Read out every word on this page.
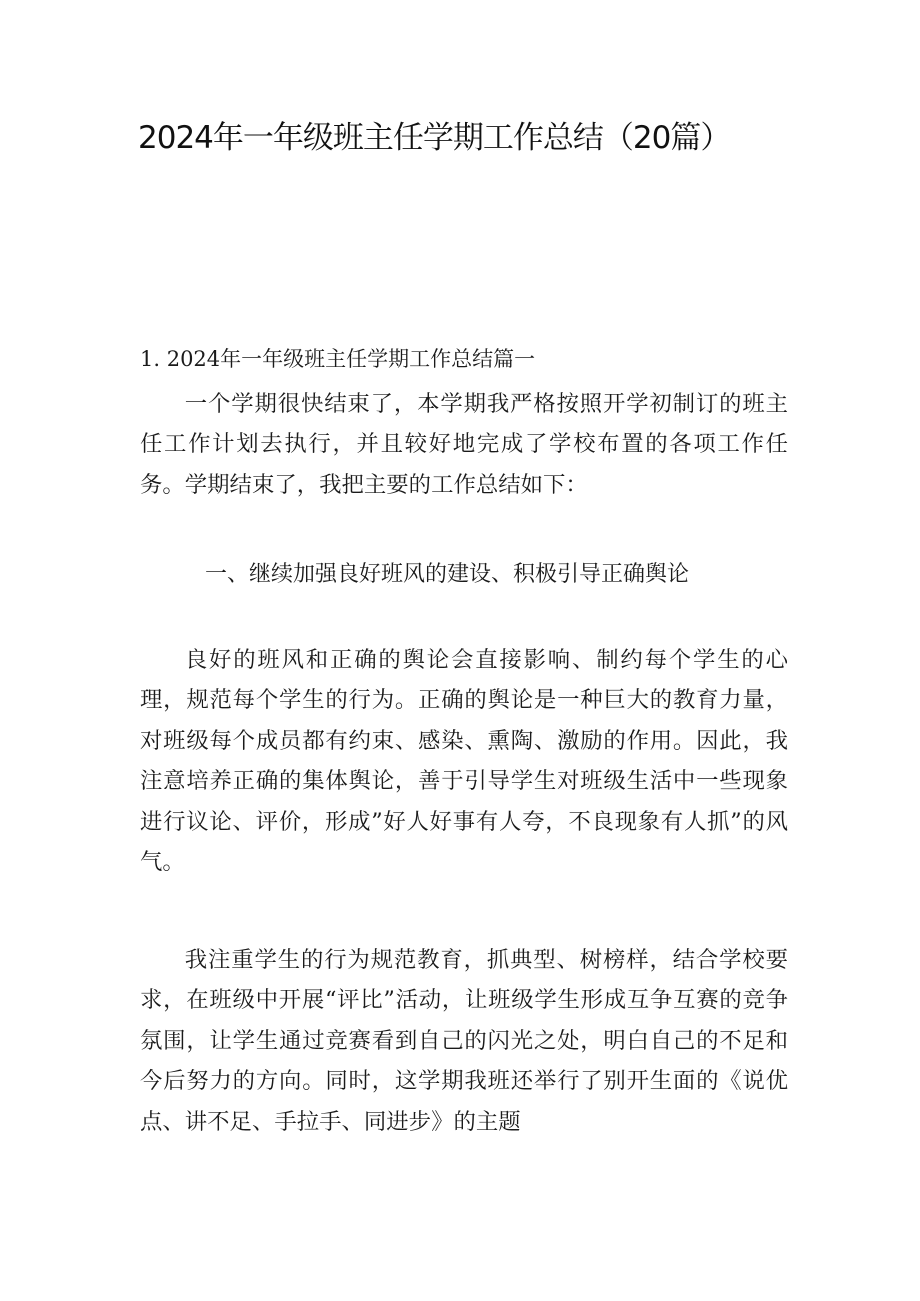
2024年一年级班主任学期工作总结（20篇）
1. 2024年一年级班主任学期工作总结篇一

一个学期很快结束了，本学期我严格按照开学初制订的班主任工作计划去执行，并且较好地完成了学校布置的各项工作任务。学期结束了，我把主要的工作总结如下：

一、继续加强良好班风的建设、积极引导正确舆论

良好的班风和正确的舆论会直接影响、制约每个学生的心理，规范每个学生的行为。正确的舆论是一种巨大的教育力量，对班级每个成员都有约束、感染、熏陶、激励的作用。因此，我注意培养正确的集体舆论，善于引导学生对班级生活中一些现象进行议论、评价，形成”好人好事有人夸，不良现象有人抓”的风气。

我注重学生的行为规范教育，抓典型、树榜样，结合学校要求，在班级中开展“评比”活动，让班级学生形成互争互赛的竞争氛围，让学生通过竞赛看到自己的闪光之处，明白自己的不足和今后努力的方向。同时，这学期我班还举行了别开生面的《说优点、讲不足、手拉手、同进步》的主题
